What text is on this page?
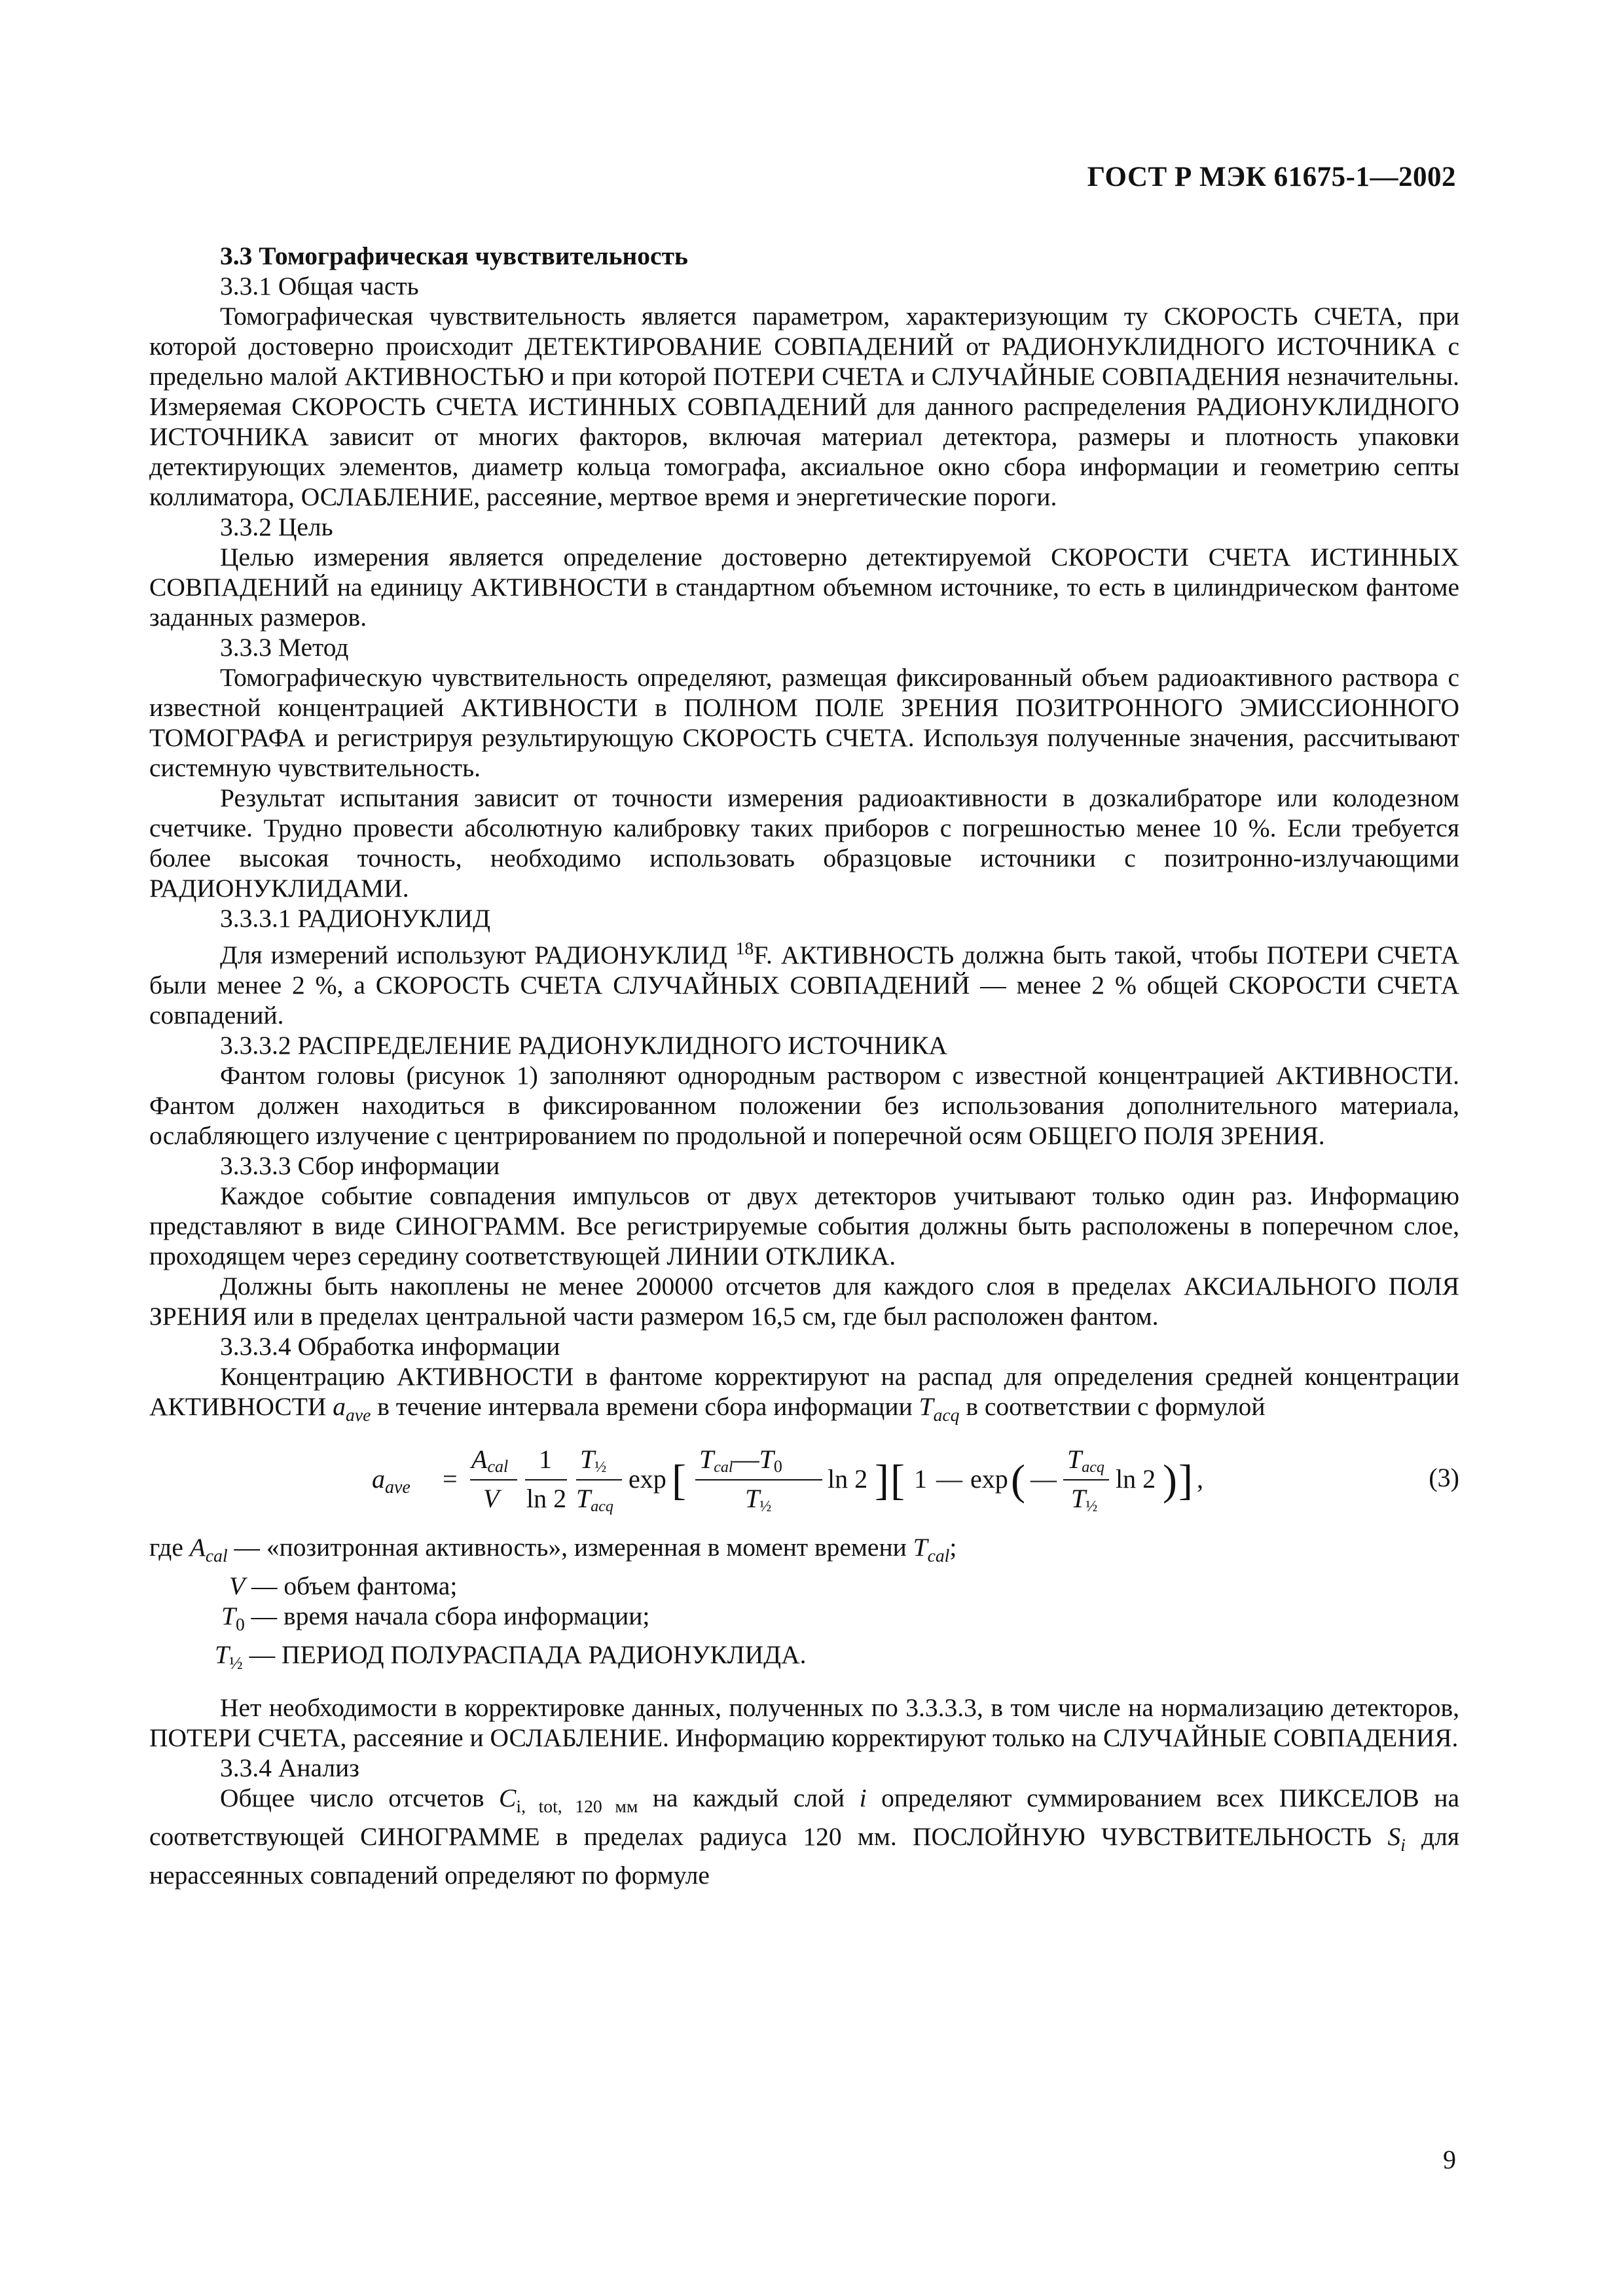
ГОСТ Р МЭК 61675-1—2002

3.3 Томографическая чувствительность

3.3.1 Общая часть

Томографическая чувствительность является параметром, характеризующим ту СКОРОСТЬ СЧЕТА, при которой достоверно происходит ДЕТЕКТИРОВАНИЕ СОВПАДЕНИЙ от РАДИОНУКЛИДНОГО ИСТОЧНИКА с предельно малой АКТИВНОСТЬЮ и при которой ПОТЕРИ СЧЕТА и СЛУЧАЙНЫЕ СОВПАДЕНИЯ незначительны. Измеряемая СКОРОСТЬ СЧЕТА ИСТИННЫХ СОВПАДЕНИЙ для данного распределения РАДИОНУКЛИДНОГО ИСТОЧНИКА зависит от многих факторов, включая материал детектора, размеры и плотность упаковки детектирующих элементов, диаметр кольца томографа, аксиальное окно сбора информации и геометрию септы коллиматора, ОСЛАБЛЕНИЕ, рассеяние, мертвое время и энергетические пороги.

3.3.2 Цель

Целью измерения является определение достоверно детектируемой СКОРОСТИ СЧЕТА ИСТИННЫХ СОВПАДЕНИЙ на единицу АКТИВНОСТИ в стандартном объемном источнике, то есть в цилиндрическом фантоме заданных размеров.

3.3.3 Метод

Томографическую чувствительность определяют, размещая фиксированный объем радиоактивного раствора с известной концентрацией АКТИВНОСТИ в ПОЛНОМ ПОЛЕ ЗРЕНИЯ ПОЗИТРОННОГО ЭМИССИОННОГО ТОМОГРАФА и регистрируя результирующую СКОРОСТЬ СЧЕТА. Используя полученные значения, рассчитывают системную чувствительность.

Результат испытания зависит от точности измерения радиоактивности в дозкалибраторе или колодезном счетчике. Трудно провести абсолютную калибровку таких приборов с погрешностью менее 10 %. Если требуется более высокая точность, необходимо использовать образцовые источники с позитронно-излучающими РАДИОНУКЛИДАМИ.

3.3.3.1 РАДИОНУКЛИД

Для измерений используют РАДИОНУКЛИД $^{18}$F. АКТИВНОСТЬ должна быть такой, чтобы ПОТЕРИ СЧЕТА были менее 2 %, а СКОРОСТЬ СЧЕТА СЛУЧАЙНЫХ СОВПАДЕНИЙ — менее 2 % общей СКОРОСТИ СЧЕТА совпадений.

3.3.3.2 РАСПРЕДЕЛЕНИЕ РАДИОНУКЛИДНОГО ИСТОЧНИКА

Фантом головы (рисунок 1) заполняют однородным раствором с известной концентрацией АКТИВНОСТИ. Фантом должен находиться в фиксированном положении без использования дополнительного материала, ослабляющего излучение с центрированием по продольной и поперечной осям ОБЩЕГО ПОЛЯ ЗРЕНИЯ.

3.3.3.3 Сбор информации

Каждое событие совпадения импульсов от двух детекторов учитывают только один раз. Информацию представляют в виде СИНОГРАММ. Все регистрируемые события должны быть расположены в поперечном слое, проходящем через середину соответствующей ЛИНИИ ОТКЛИКА.

Должны быть накоплены не менее 200000 отсчетов для каждого слоя в пределах АКСИАЛЬНОГО ПОЛЯ ЗРЕНИЯ или в пределах центральной части размером 16,5 см, где был расположен фантом.

3.3.3.4 Обработка информации

Концентрацию АКТИВНОСТИ в фантоме корректируют на распад для определения средней концентрации АКТИВНОСТИ $a_{ave}$ в течение интервала времени сбора информации $T_{acq}$ в соответствии с формулой

$a_{ave}$ =
Acal
V
1
ln 2
T½
Tacq
exp [ Tcal—T0
T½
ln 2 ] [ 1 — exp ( —
Tacq
T½
ln 2 ) ] ,	(3)

где $A_{cal}$ — «позитронная активность», измеренная в момент времени $T_{cal}$;

V — объем фантома;

$T_0$ — время начала сбора информации;

$T_{\frac{1}{2}}$ — ПЕРИОД ПОЛУРАСПАДА РАДИОНУКЛИДА.

Нет необходимости в корректировке данных, полученных по 3.3.3.3, в том числе на нормализацию детекторов, ПОТЕРИ СЧЕТА, рассеяние и ОСЛАБЛЕНИЕ. Информацию корректируют только на СЛУЧАЙНЫЕ СОВПАДЕНИЯ.

3.3.4 Анализ

Общее число отсчетов $C_{i, tot, 120 мм}$ на каждый слой i определяют суммированием всех ПИКСЕЛОВ на соответствующей СИНОГРАММЕ в пределах радиуса 120 мм. ПОСЛОЙНУЮ ЧУВСТВИТЕЛЬНОСТЬ $S_i$ для нерассеянных совпадений определяют по формуле

9
